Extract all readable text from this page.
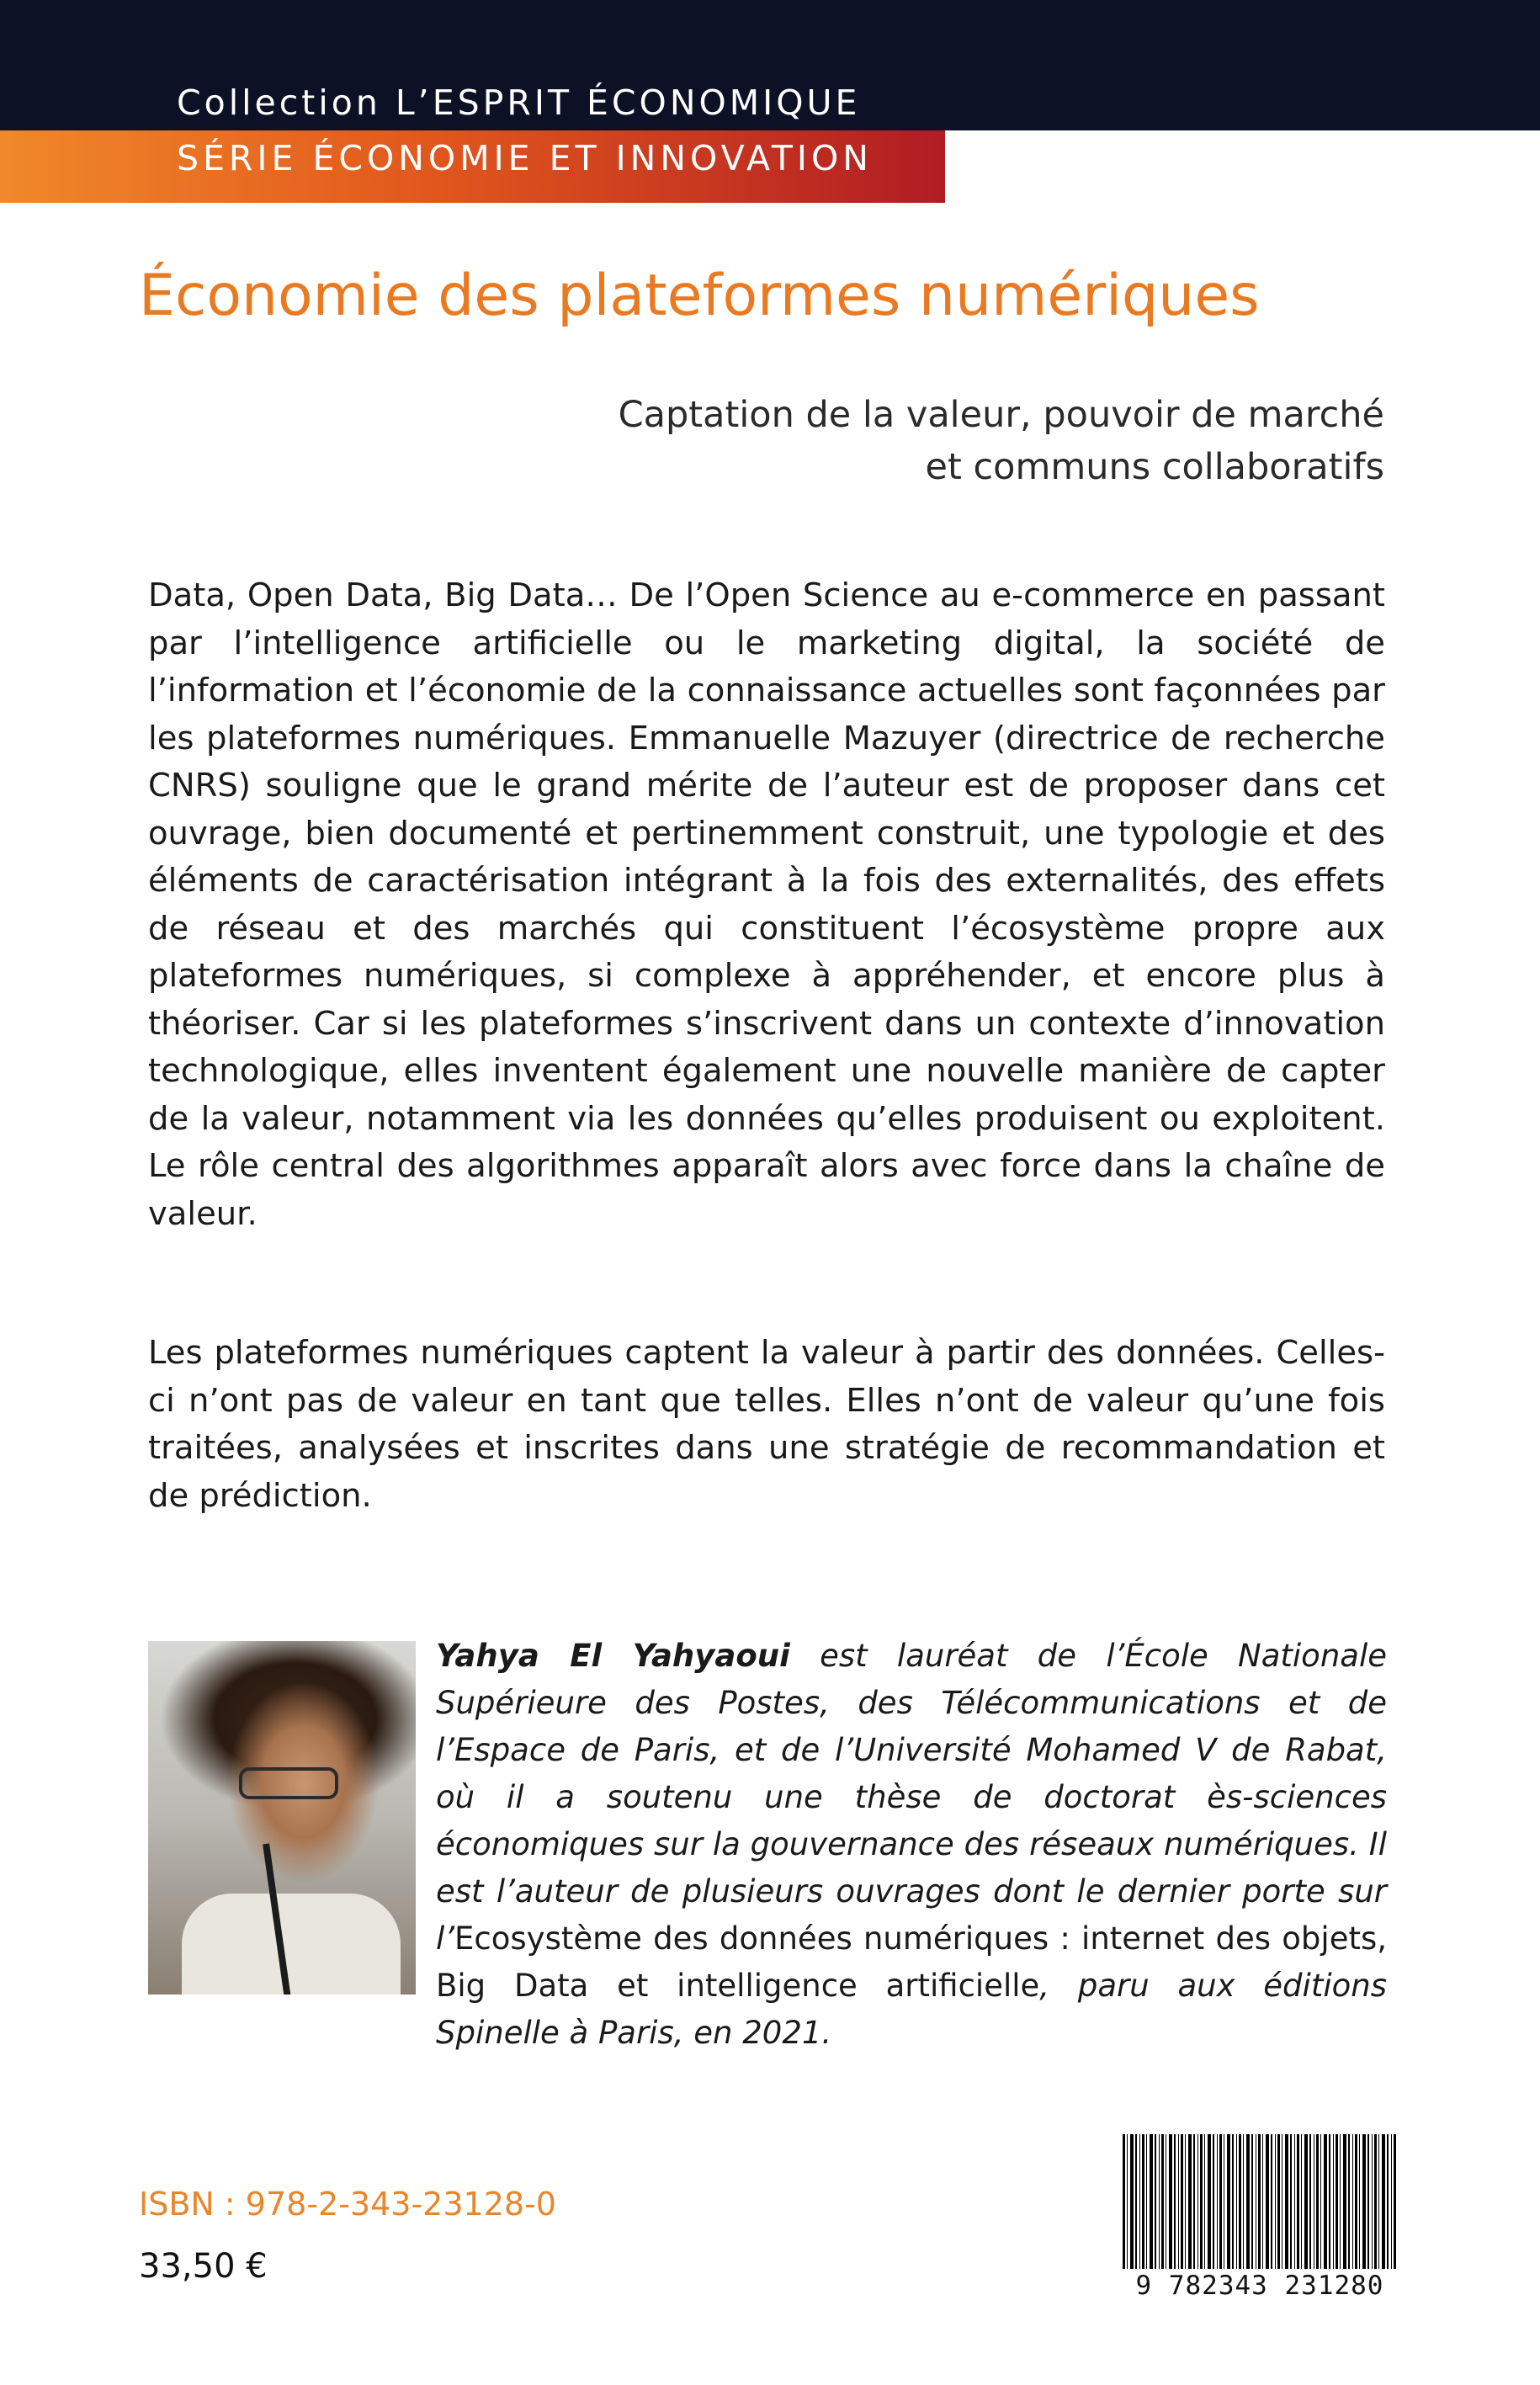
Collection L’ESPRIT ÉCONOMIQUE
SÉRIE ÉCONOMIE ET INNOVATION
Économie des plateformes numériques
Captation de la valeur, pouvoir de marché
et communs collaboratifs

Data, Open Data, Big Data… De l’Open Science au e-commerce en passant par l’intelligence artificielle ou le marketing digital, la société de l’information et l’économie de la connaissance actuelles sont façonnées par les plateformes numériques. Emmanuelle Mazuyer (directrice de recherche CNRS) souligne que le grand mérite de l’auteur est de proposer dans cet ouvrage, bien documenté et pertinemment construit, une typologie et des éléments de caractérisation intégrant à la fois des externalités, des effets de réseau et des marchés qui constituent l’écosystème propre aux plateformes numériques, si complexe à appréhender, et encore plus à théoriser. Car si les plateformes s’inscrivent dans un contexte d’innovation technologique, elles inventent également une nouvelle manière de capter de la valeur, notamment via les données qu’elles produisent ou exploitent. Le rôle central des algorithmes apparaît alors avec force dans la chaîne de valeur.

Les plateformes numériques captent la valeur à partir des données. Celles-ci n’ont pas de valeur en tant que telles. Elles n’ont de valeur qu’une fois traitées, analysées et inscrites dans une stratégie de recommandation et de prédiction.

Yahya El Yahyaoui est lauréat de l’École Nationale Supérieure des Postes, des Télécommunications et de l’Espace de Paris, et de l’Université Mohamed V de Rabat, où il a soutenu une thèse de doctorat ès-sciences économiques sur la gouvernance des réseaux numériques. Il est l’auteur de plusieurs ouvrages dont le dernier porte sur l’Ecosystème des données numériques : internet des objets, Big Data et intelligence artificielle, paru aux éditions Spinelle à Paris, en 2021.

ISBN : 978-2-343-23128-0
33,50 €	9 782343 231280
